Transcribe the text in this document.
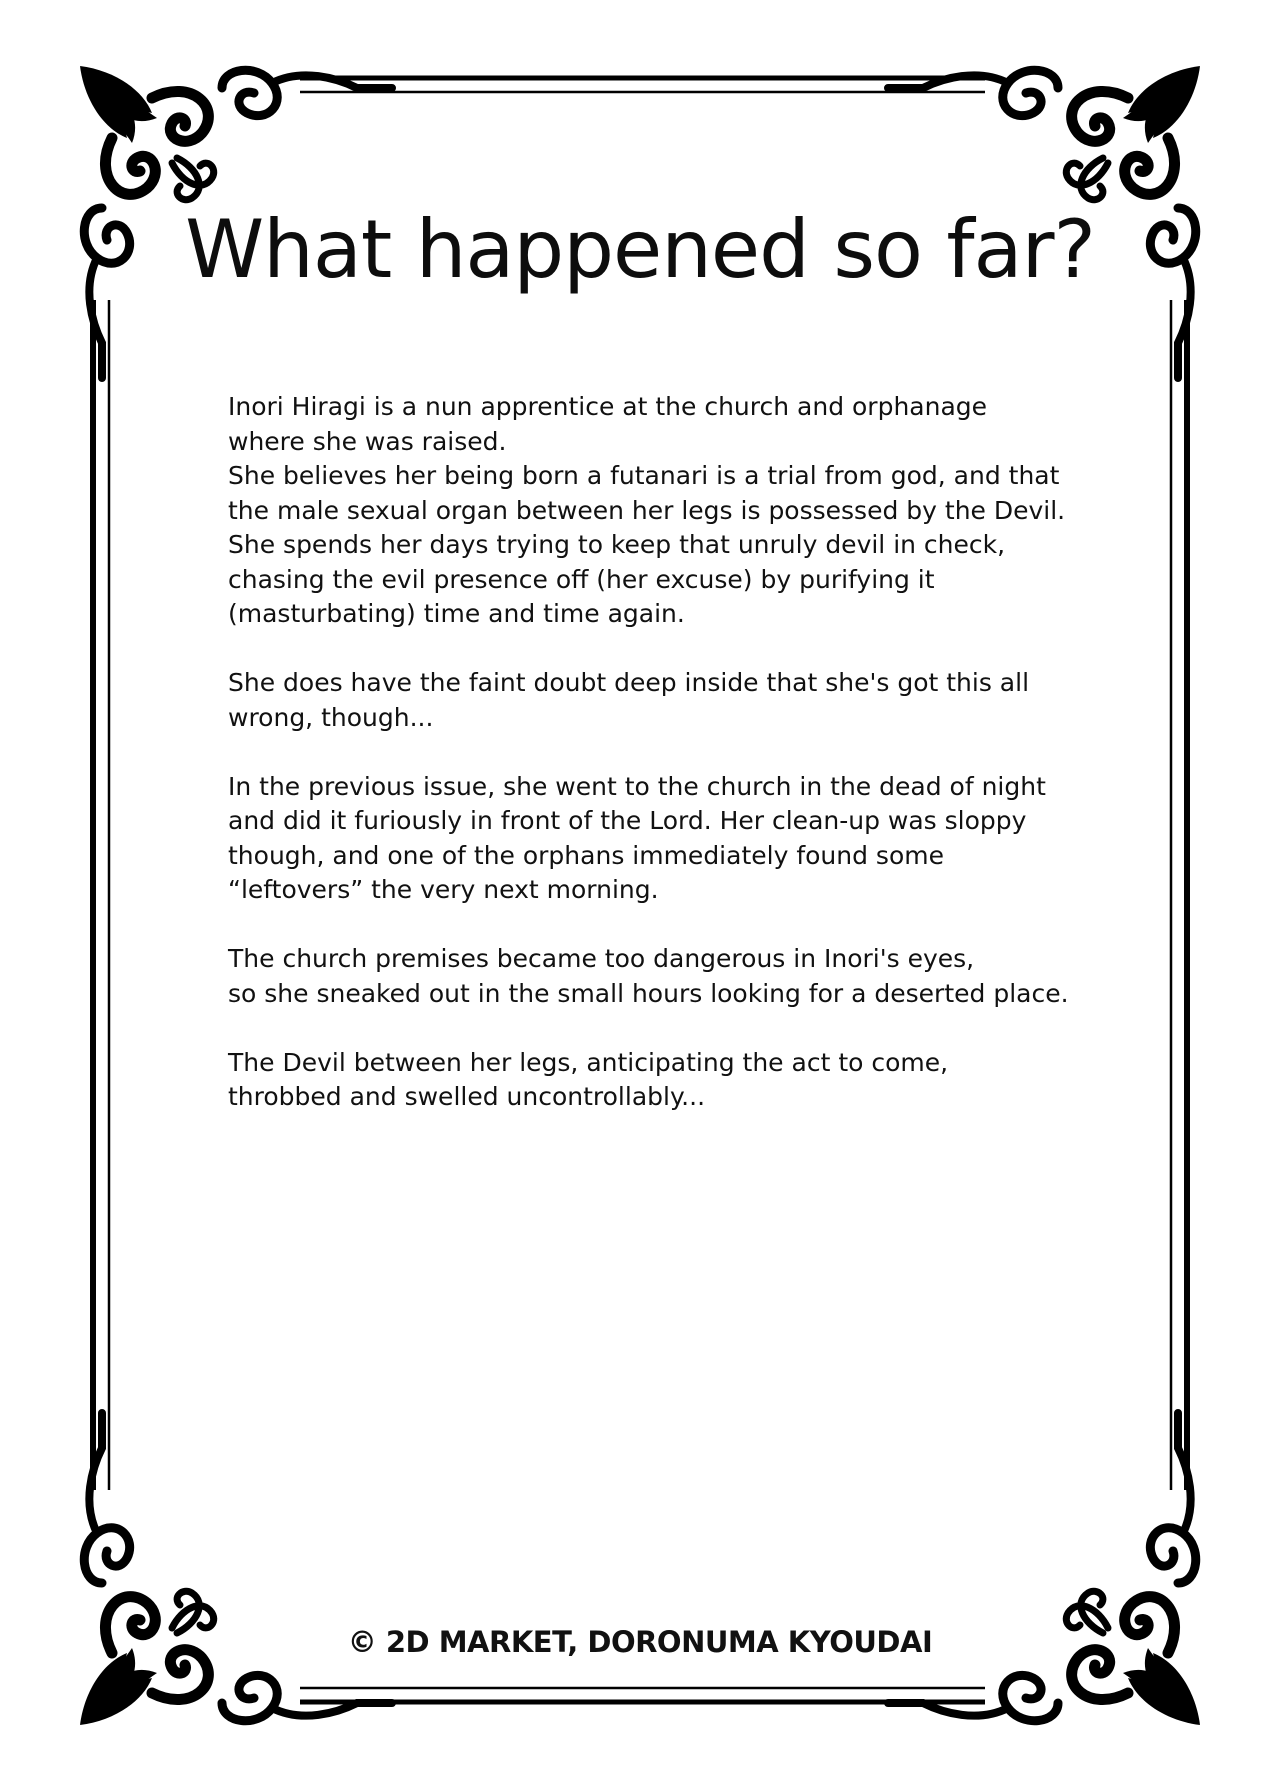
What happened so far?

Inori Hiragi is a nun apprentice at the church and orphanage
where she was raised.
She believes her being born a futanari is a trial from god, and that
the male sexual organ between her legs is possessed by the Devil.
She spends her days trying to keep that unruly devil in check,
chasing the evil presence off (her excuse) by purifying it
(masturbating) time and time again.

She does have the faint doubt deep inside that she's got this all
wrong, though...

In the previous issue, she went to the church in the dead of night
and did it furiously in front of the Lord. Her clean-up was sloppy
though, and one of the orphans immediately found some
“leftovers” the very next morning.

The church premises became too dangerous in Inori's eyes,
so she sneaked out in the small hours looking for a deserted place.

The Devil between her legs, anticipating the act to come,
throbbed and swelled uncontrollably...

© 2D MARKET, DORONUMA KYOUDAI
